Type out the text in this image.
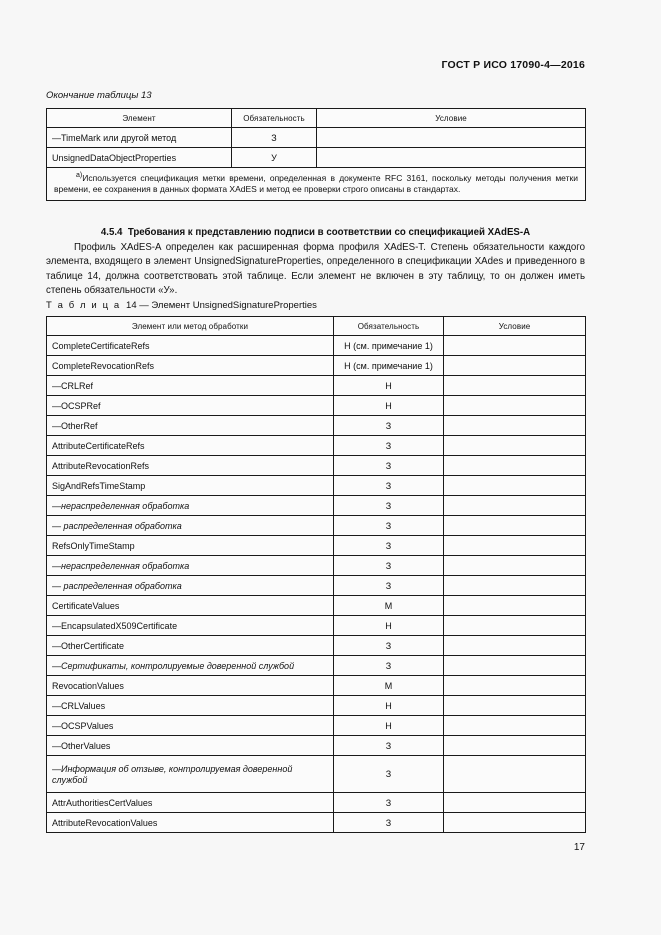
ГОСТ Р ИСО 17090-4—2016
Окончание таблицы 13
Элемент	Обязательность	Условие
—TimeMark или другой метод	З	
UnsignedDataObjectProperties	У	
$^{a)}$Используется спецификация метки времени, определенная в документе RFC 3161, поскольку методы получения метки времени, ее сохранения в данных формата XAdES и метод ее проверки строго описаны в стандартах.		
4.5.4 Требования к представлению подписи в соответствии со спецификацией XAdES-A
Профиль XAdES-A определен как расширенная форма профиля XAdES-T. Степень обязательности каждого элемента, входящего в элемент UnsignedSignatureProperties, определенного в спецификации XAdes и приведенного в таблице 14, должна соответствовать этой таблице. Если элемент не включен в эту таблицу, то он должен иметь степень обязательности «У».
Т а б л и ц а 14 — Элемент UnsignedSignatureProperties
Элемент или метод обработки	Обязательность	Условие
CompleteCertificateRefs	Н (см. примечание 1)	
CompleteRevocationRefs	Н (см. примечание 1)	
—CRLRef	Н	
—OCSPRef	Н	
—OtherRef	З	
AttributeCertificateRefs	З	
AttributeRevocationRefs	З	
SigAndRefsTimeStamp	З	
—нераспределенная обработка	З	
— распределенная обработка	З	
RefsOnlyTimeStamp	З	
—нераспределенная обработка	З	
— распределенная обработка	З	
CertificateValues	М	
—EncapsulatedX509Certificate	Н	
—OtherCertificate	З	
—Сертификаты, контролируемые доверенной службой	З	
RevocationValues	М	
—CRLValues	Н	
—OCSPValues	Н	
—OtherValues	З	
—Информация об отзыве, контролируемая доверенной службой	З	
AttrAuthoritiesCertValues	З	
AttributeRevocationValues	З	
17
